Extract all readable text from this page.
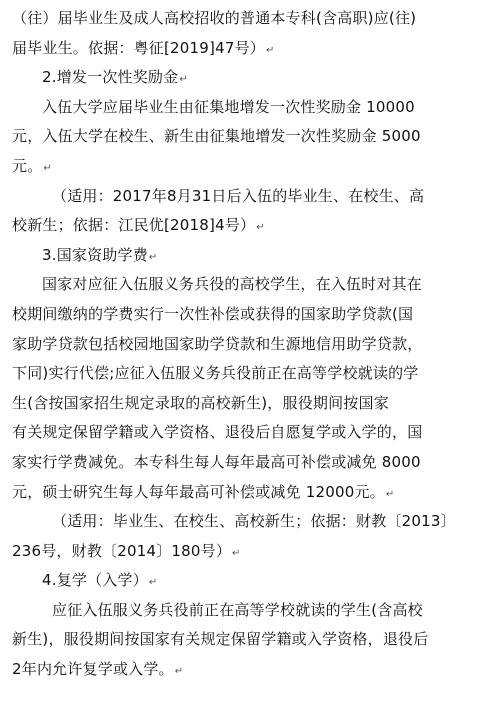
（往）届毕业生及成人高校招收的普通本专科(含高职)应(往)
届毕业生。依据：粤征[2019]47号）↵
2.增发一次性奖励金↵
入伍大学应届毕业生由征集地增发一次性奖励金 10000
元，入伍大学在校生、新生由征集地增发一次性奖励金 5000
元。↵
（适用：2017年8月31日后入伍的毕业生、在校生、高
校新生；依据：江民优[2018]4号）↵
3.国家资助学费↵
国家对应征入伍服义务兵役的高校学生，在入伍时对其在
校期间缴纳的学费实行一次性补偿或获得的国家助学贷款(国
家助学贷款包括校园地国家助学贷款和生源地信用助学贷款，
下同)实行代偿;应征入伍服义务兵役前正在高等学校就读的学
生(含按国家招生规定录取的高校新生)，服役期间按国家
有关规定保留学籍或入学资格、退役后自愿复学或入学的，国
家实行学费减免。本专科生每人每年最高可补偿或减免 8000
元，硕士研究生每人每年最高可补偿或减免 12000元。↵
（适用：毕业生、在校生、高校新生；依据：财教〔2013〕
236号，财教〔2014〕180号）↵
4.复学（入学）↵
应征入伍服义务兵役前正在高等学校就读的学生(含高校
新生)，服役期间按国家有关规定保留学籍或入学资格，退役后
2年内允许复学或入学。↵
